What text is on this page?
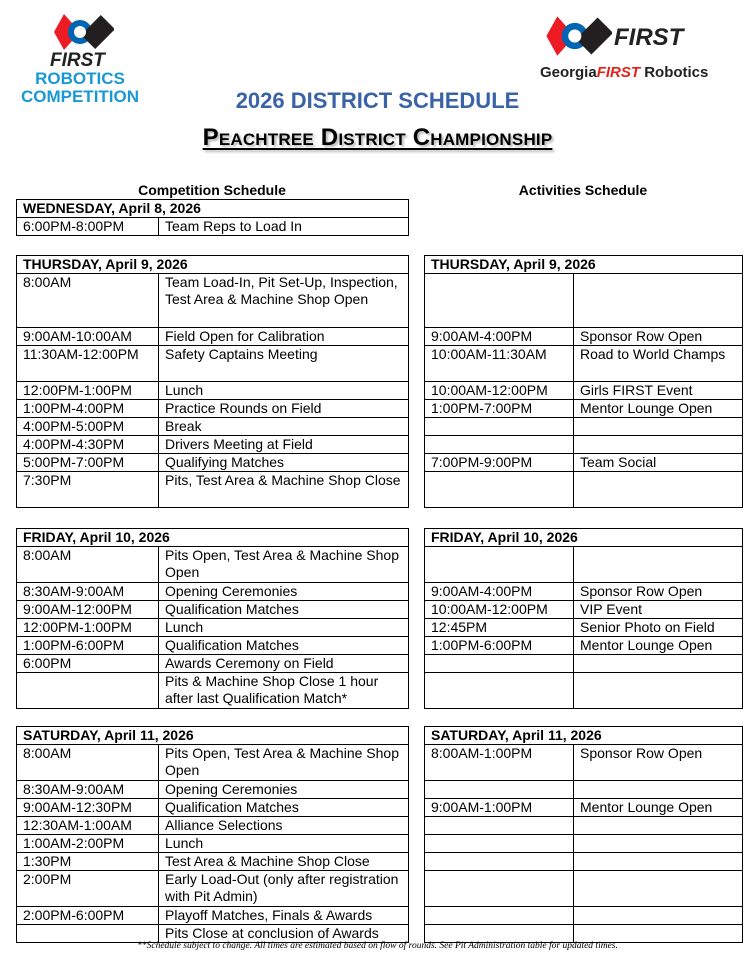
FIRST
ROBOTICS
COMPETITION
FIRST
GeorgiaFIRST Robotics
2026 DISTRICT SCHEDULE
Peachtree District Championship
Competition Schedule	Activities Schedule
WEDNESDAY, April 8, 2026
6:00PM-8:00PM	Team Reps to Load In
THURSDAY, April 9, 2026	
8:00AM	Team Load-In, Pit Set-Up, Inspection, Test Area & Machine Shop Open
9:00AM-10:00AM	Field Open for Calibration
11:30AM-12:00PM	Safety Captains Meeting
12:00PM-1:00PM	Lunch
1:00PM-4:00PM	Practice Rounds on Field
4:00PM-5:00PM	Break
4:00PM-4:30PM	Drivers Meeting at Field
5:00PM-7:00PM	Qualifying Matches
7:30PM	Pits, Test Area & Machine Shop Close
FRIDAY, April 10, 2026	
8:00AM	Pits Open, Test Area & Machine Shop Open
8:30AM-9:00AM	Opening Ceremonies
9:00AM-12:00PM	Qualification Matches
12:00PM-1:00PM	Lunch
1:00PM-6:00PM	Qualification Matches
6:00PM	Awards Ceremony on Field
	Pits & Machine Shop Close 1 hour after last Qualification Match*
SATURDAY, April 11, 2026	
8:00AM	Pits Open, Test Area & Machine Shop Open
8:30AM-9:00AM	Opening Ceremonies
9:00AM-12:30PM	Qualification Matches
12:30AM-1:00AM	Alliance Selections
1:00AM-2:00PM	Lunch
1:30PM	Test Area & Machine Shop Close
2:00PM	Early Load-Out (only after registration with Pit Admin)
2:00PM-6:00PM	Playoff Matches, Finals & Awards
	Pits Close at conclusion of Awards
THURSDAY, April 9, 2026	

9:00AM-4:00PM	Sponsor Row Open
10:00AM-11:30AM	Road to World Champs
10:00AM-12:00PM	Girls FIRST Event
1:00PM-7:00PM	Mentor Lounge Open

7:00PM-9:00PM	Team Social

FRIDAY, April 10, 2026	

9:00AM-4:00PM	Sponsor Row Open
10:00AM-12:00PM	VIP Event
12:45PM	Senior Photo on Field
1:00PM-6:00PM	Mentor Lounge Open

SATURDAY, April 11, 2026	
8:00AM-1:00PM	Sponsor Row Open

9:00AM-1:00PM	Mentor Lounge Open

**Schedule subject to change. All times are estimated based on flow of rounds. See Pit Administration table for updated times.
